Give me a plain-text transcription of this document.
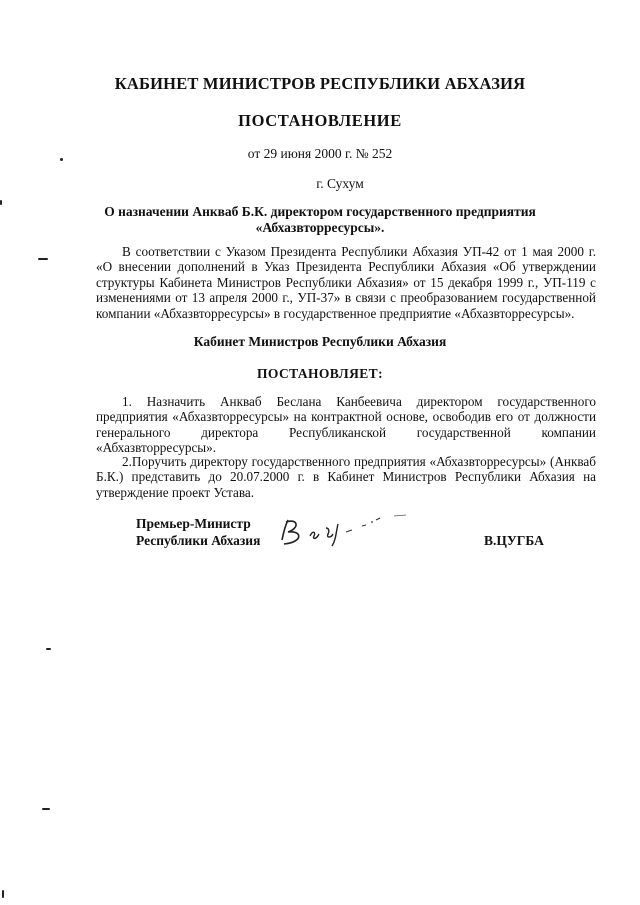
КАБИНЕТ МИНИСТРОВ РЕСПУБЛИКИ АБХАЗИЯ
ПОСТАНОВЛЕНИЕ
от 29 июня 2000 г. № 252
г. Сухум
О назначении Анкваб Б.К. директором государственного предприятия
«Абхазвторресурсы».
В соответствии с Указом Президента Республики Абхазия УП-42 от 1 мая 2000 г. «О внесении дополнений в Указ Президента Республики Абхазия «Об утверждении структуры Кабинета Министров Республики Абхазия» от 15 декабря 1999 г., УП-119 с изменениями от 13 апреля 2000 г., УП-37» в связи с преобразованием государственной компании «Абхазвторресурсы» в государственное предприятие «Абхазвторресурсы».
Кабинет Министров Республики Абхазия
ПОСТАНОВЛЯЕТ:
1. Назначить Анкваб Беслана Канбеевича директором государственного предприятия «Абхазвторресурсы» на контрактной основе, освободив его от должности генерального директора Республиканской государственной компании «Абхазвторресурсы».
2.Поручить директору государственного предприятия «Абхазвторресурсы» (Анкваб Б.К.) представить до 20.07.2000 г. в Кабинет Министров Республики Абхазия на утверждение проект Устава.
Премьер-Министр
Республики Абхазия	В.ЦУГБА
